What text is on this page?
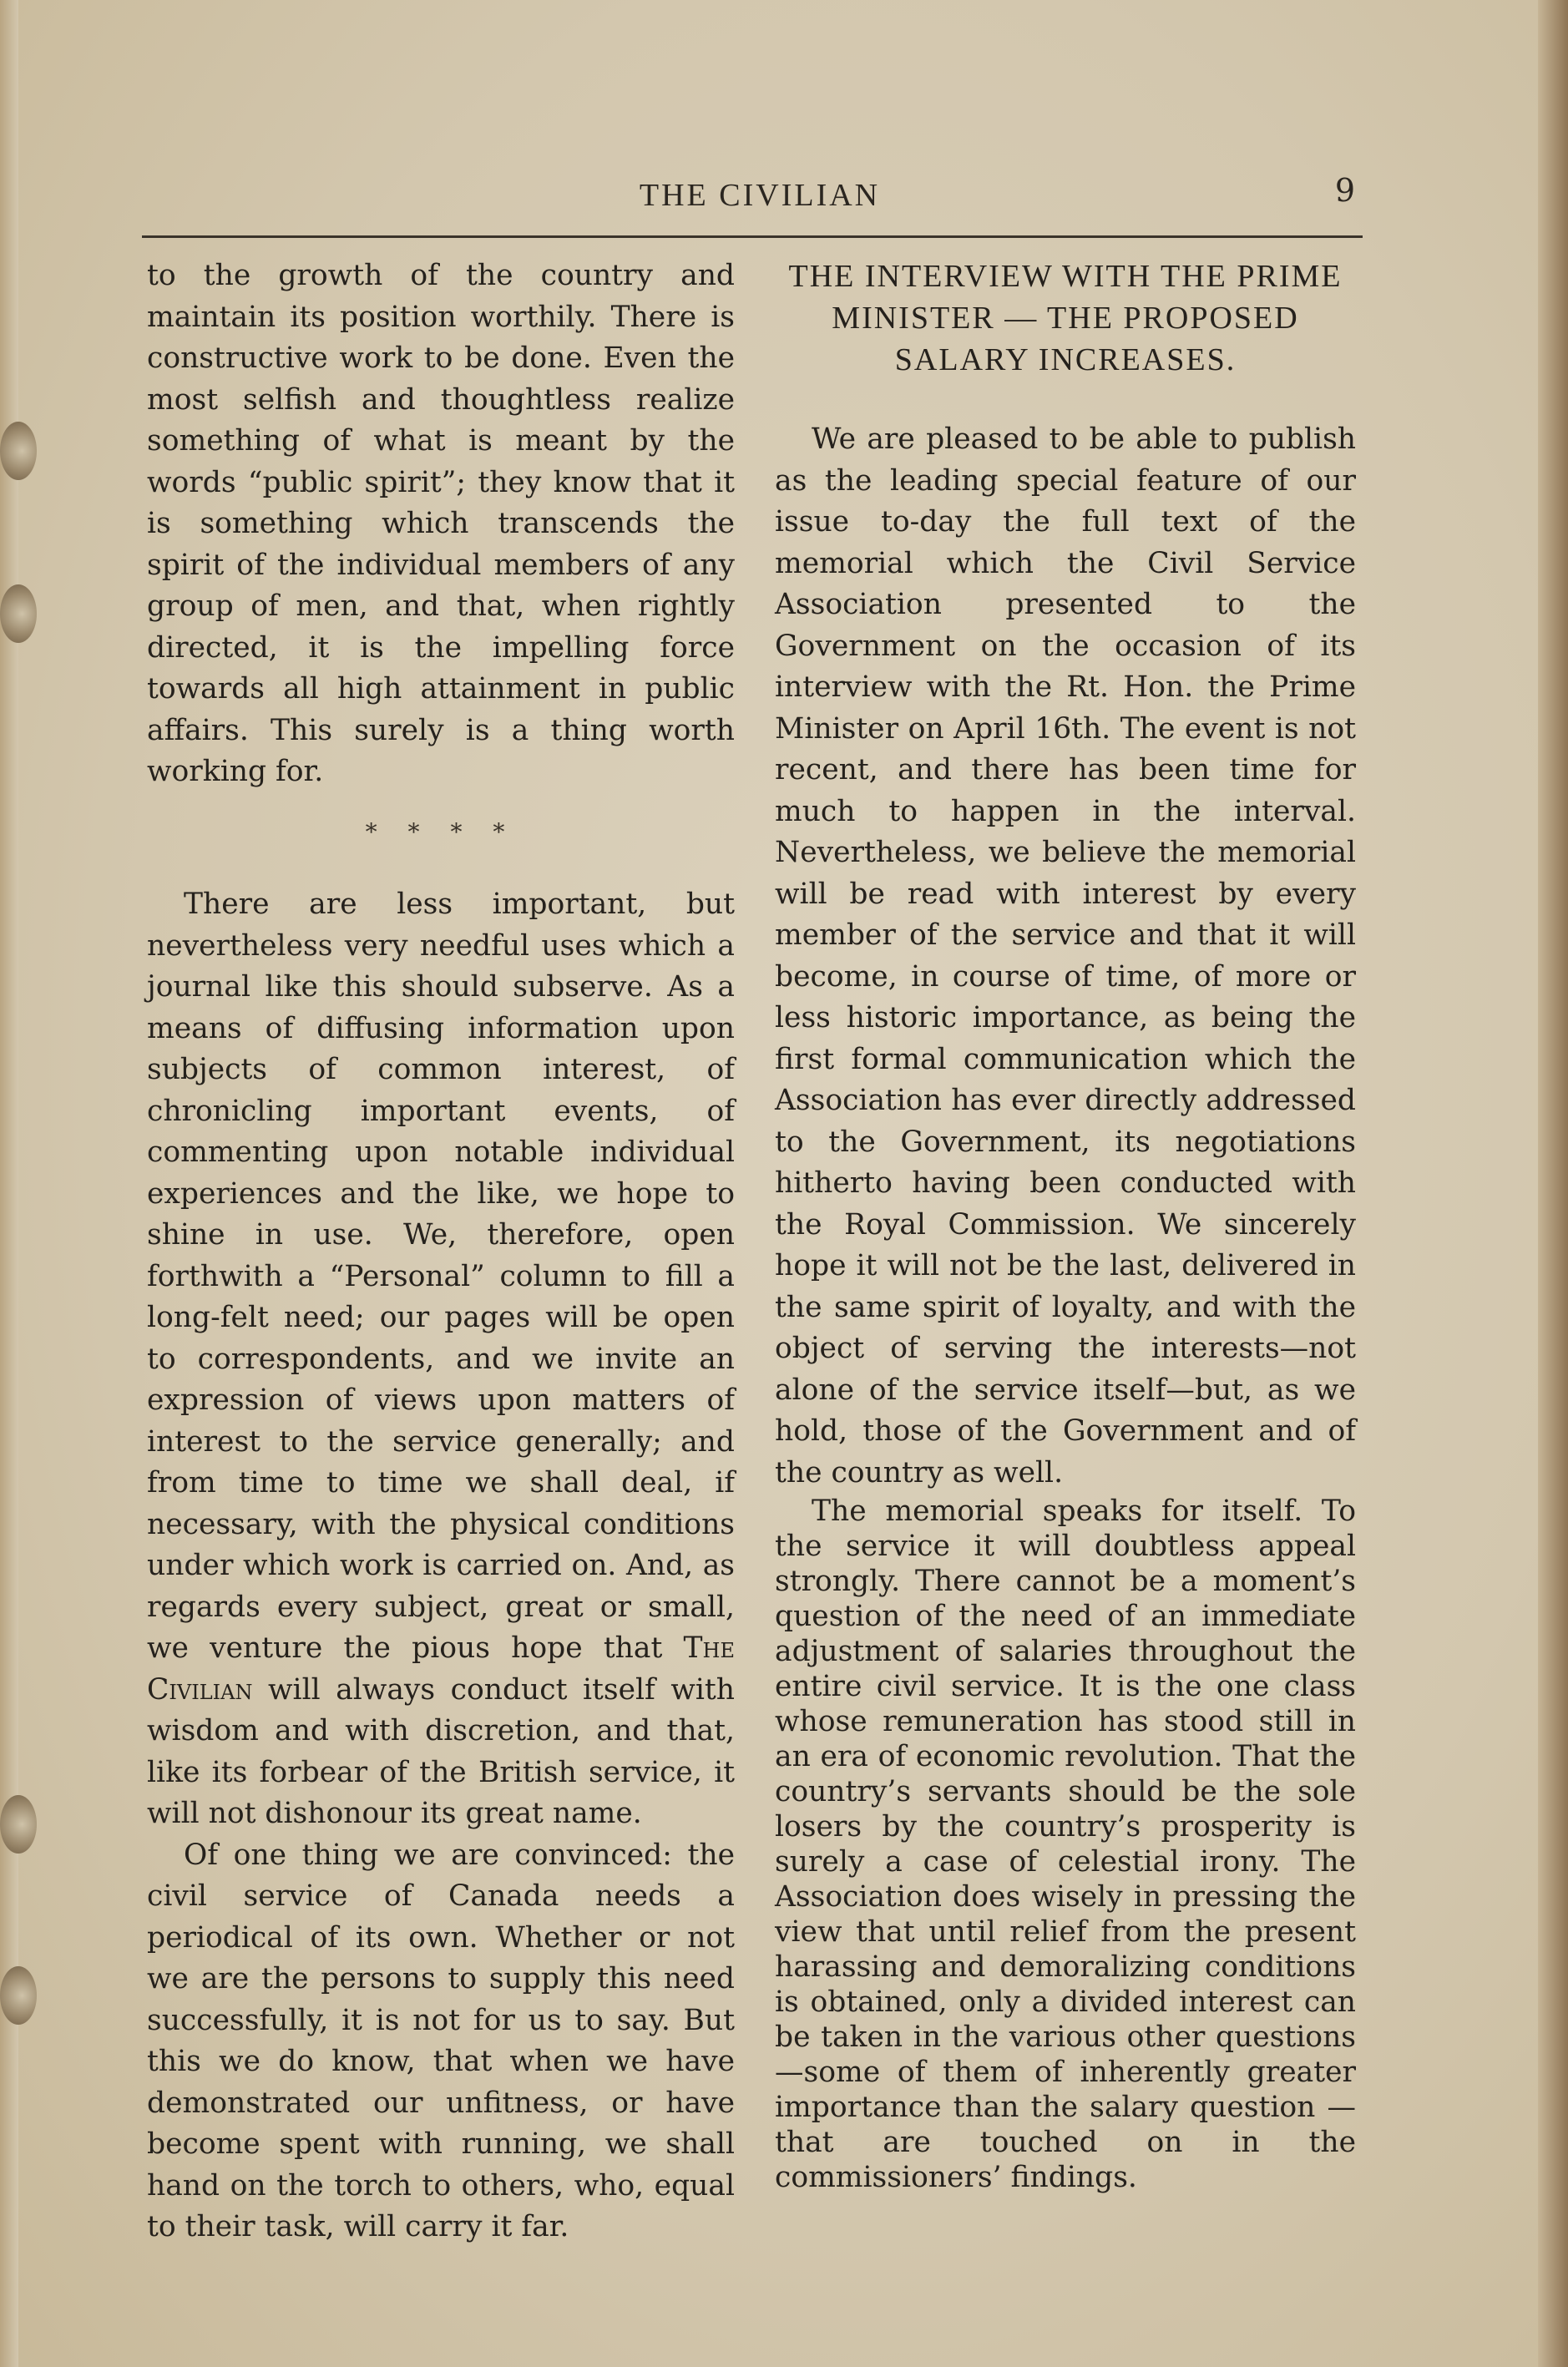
THE CIVILIAN	9

to the growth of the country and maintain its position worthily. There is constructive work to be done. Even the most selfish and thoughtless realize something of what is meant by the words “public spirit”; they know that it is something which transcends the spirit of the individual members of any group of men, and that, when rightly directed, it is the impelling force towards all high attainment in public affairs. This surely is a thing worth working for.

* * * *

There are less important, but nevertheless very needful uses which a journal like this should subserve. As a means of diffusing information upon subjects of common interest, of chronicling important events, of commenting upon notable individual experiences and the like, we hope to shine in use. We, therefore, open forthwith a “Personal” column to fill a long-felt need; our pages will be open to correspondents, and we invite an expression of views upon matters of interest to the service generally; and from time to time we shall deal, if necessary, with the physical conditions under which work is carried on. And, as regards every subject, great or small, we venture the pious hope that The Civilian will always conduct itself with wisdom and with discretion, and that, like its forbear of the British service, it will not dishonour its great name.

Of one thing we are convinced: the civil service of Canada needs a periodical of its own. Whether or not we are the persons to supply this need successfully, it is not for us to say. But this we do know, that when we have demonstrated our unfitness, or have become spent with running, we shall hand on the torch to others, who, equal to their task, will carry it far.

THE INTERVIEW WITH THE PRIME MINISTER — THE PROPOSED SALARY INCREASES.

We are pleased to be able to publish as the leading special feature of our issue to-day the full text of the memorial which the Civil Service Association presented to the Government on the occasion of its interview with the Rt. Hon. the Prime Minister on April 16th. The event is not recent, and there has been time for much to happen in the interval. Nevertheless, we believe the memorial will be read with interest by every member of the service and that it will become, in course of time, of more or less historic importance, as being the first formal communication which the Association has ever directly addressed to the Government, its negotiations hitherto having been conducted with the Royal Commission. We sincerely hope it will not be the last, delivered in the same spirit of loyalty, and with the object of serving the interests—not alone of the service itself—but, as we hold, those of the Government and of the country as well.

The memorial speaks for itself. To the service it will doubtless appeal strongly. There cannot be a moment’s question of the need of an immediate adjustment of salaries throughout the entire civil service. It is the one class whose remuneration has stood still in an era of economic revolution. That the country’s servants should be the sole losers by the country’s prosperity is surely a case of celestial irony. The Association does wisely in pressing the view that until relief from the present harassing and demoralizing conditions is obtained, only a divided interest can be taken in the various other questions —some of them of inherently greater importance than the salary question —that are touched on in the commissioners’ findings.
